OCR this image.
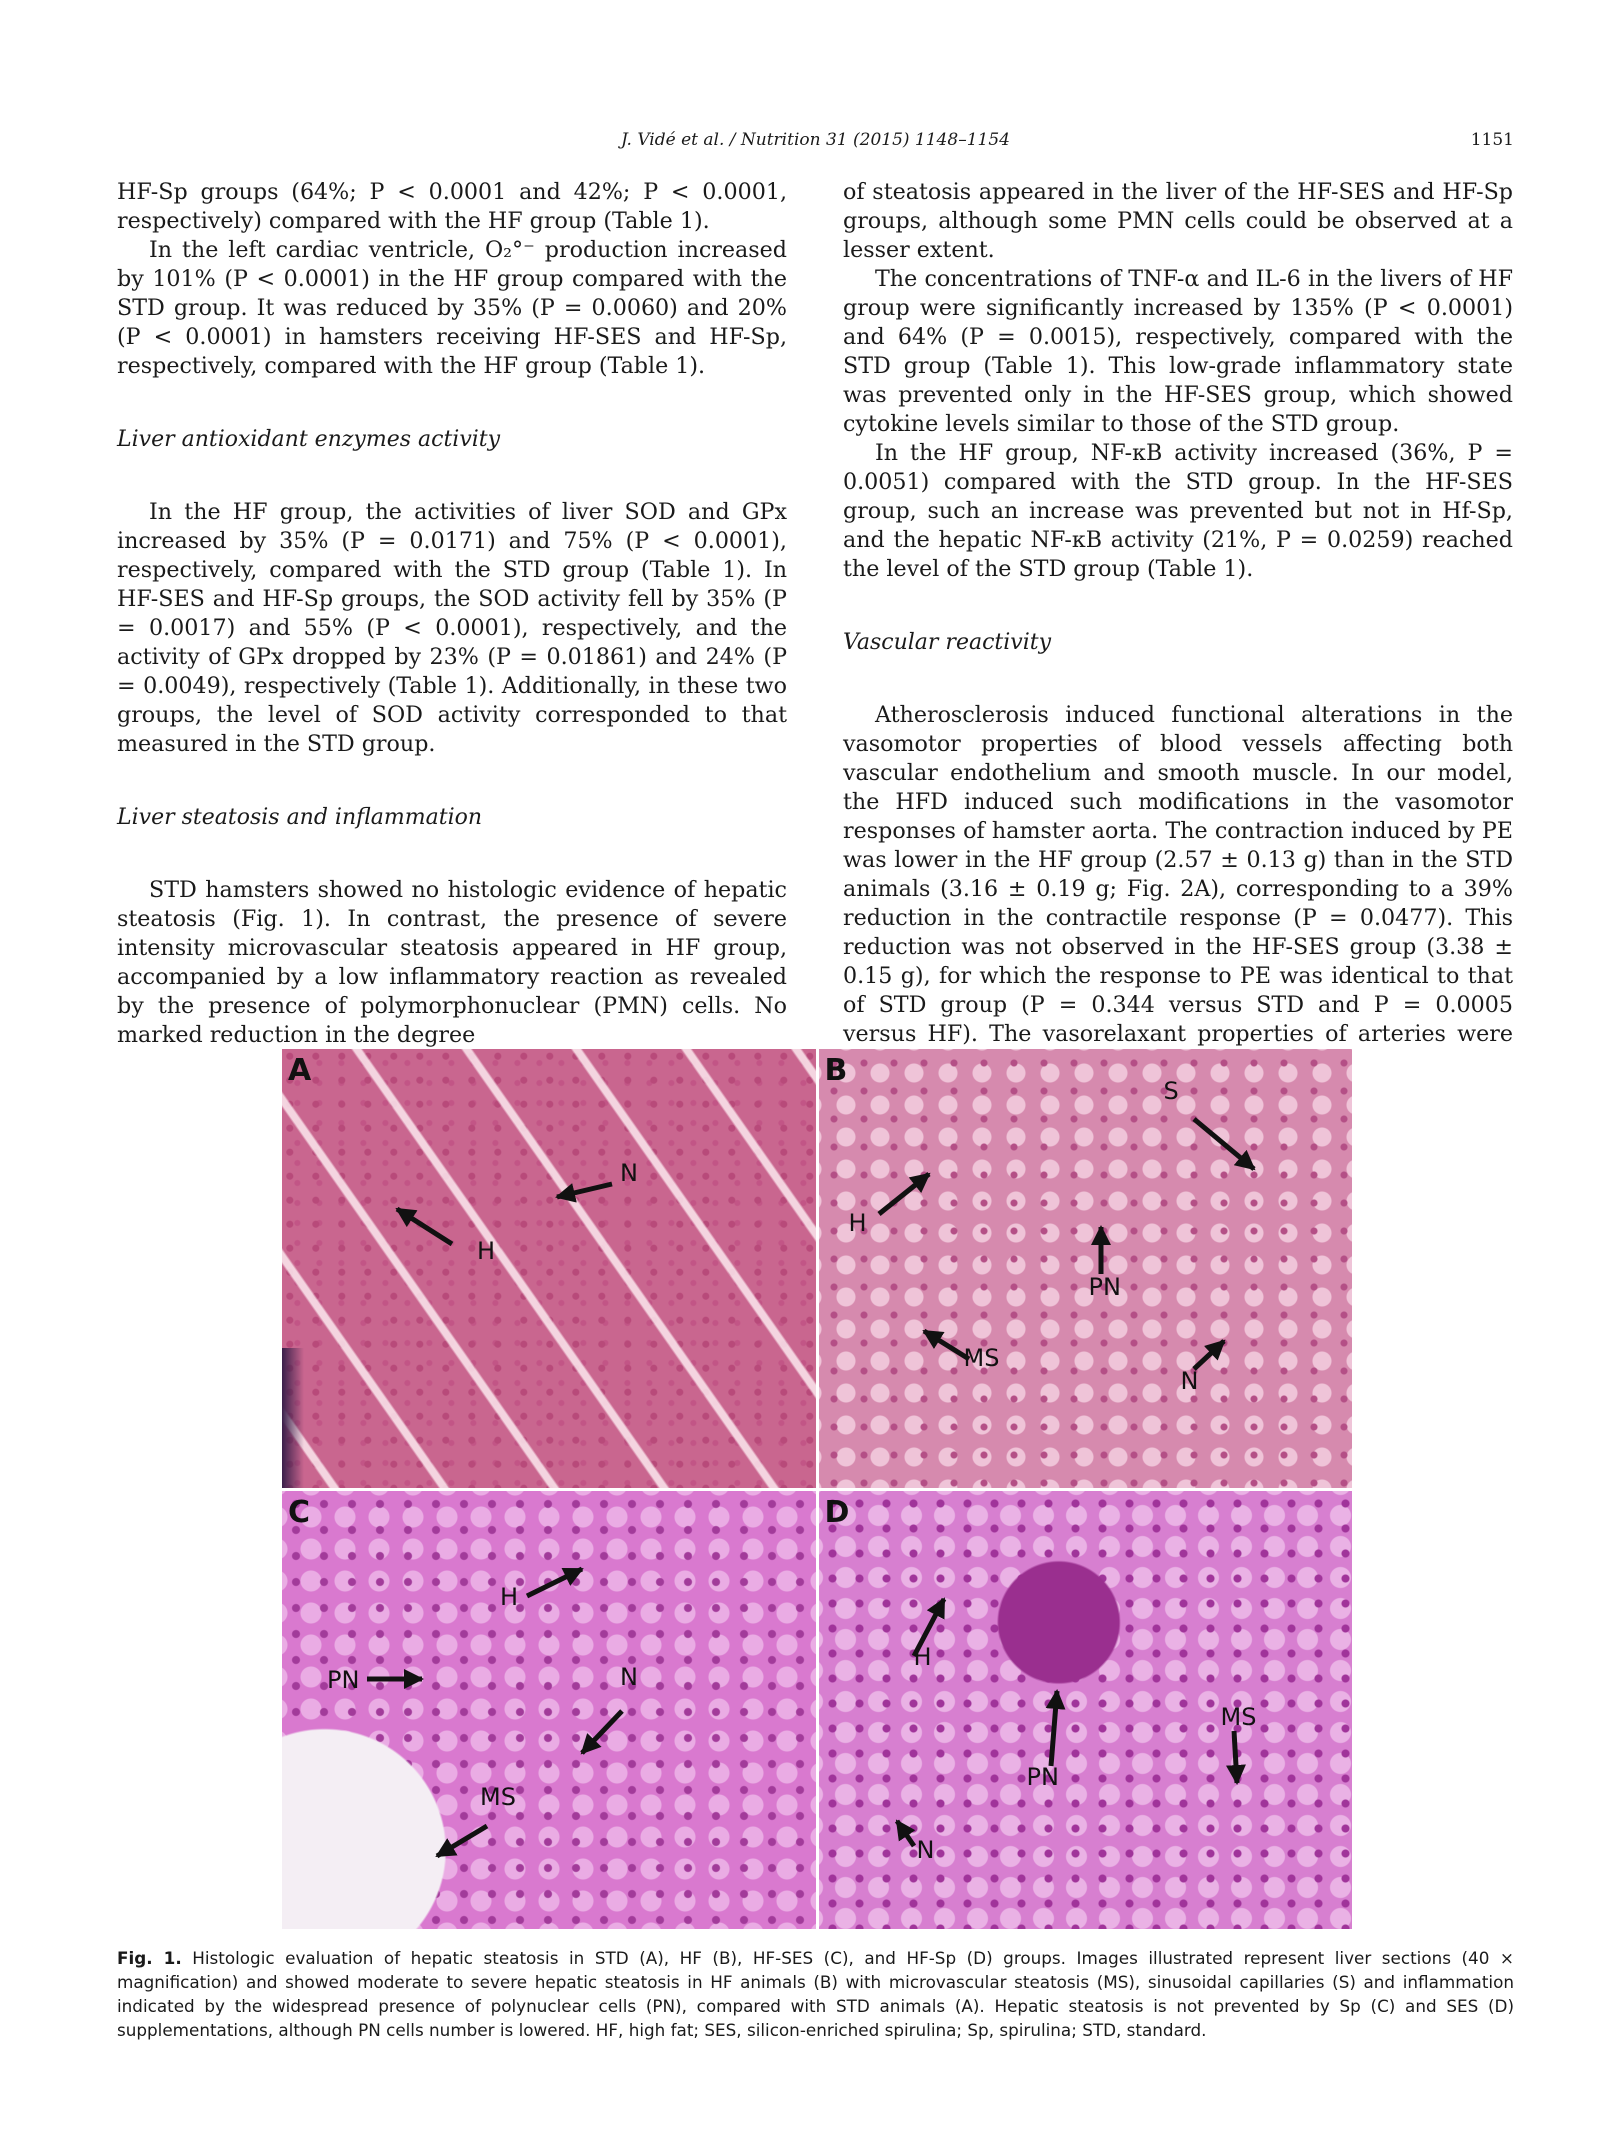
J. Vidé et al. / Nutrition 31 (2015) 1148–1154	1151

HF-Sp groups (64%; P < 0.0001 and 42%; P < 0.0001, respectively) compared with the HF group (Table 1).

In the left cardiac ventricle, O₂°⁻ production increased by 101% (P < 0.0001) in the HF group compared with the STD group. It was reduced by 35% (P = 0.0060) and 20% (P < 0.0001) in hamsters receiving HF-SES and HF-Sp, respectively, compared with the HF group (Table 1).

Liver antioxidant enzymes activity

In the HF group, the activities of liver SOD and GPx increased by 35% (P = 0.0171) and 75% (P < 0.0001), respectively, compared with the STD group (Table 1). In HF-SES and HF-Sp groups, the SOD activity fell by 35% (P = 0.0017) and 55% (P < 0.0001), respectively, and the activity of GPx dropped by 23% (P = 0.01861) and 24% (P = 0.0049), respectively (Table 1). Additionally, in these two groups, the level of SOD activity corresponded to that measured in the STD group.

Liver steatosis and inflammation

STD hamsters showed no histologic evidence of hepatic steatosis (Fig. 1). In contrast, the presence of severe intensity microvascular steatosis appeared in HF group, accompanied by a low inflammatory reaction as revealed by the presence of polymorphonuclear (PMN) cells. No marked reduction in the degree

of steatosis appeared in the liver of the HF-SES and HF-Sp groups, although some PMN cells could be observed at a lesser extent.

The concentrations of TNF-α and IL-6 in the livers of HF group were significantly increased by 135% (P < 0.0001) and 64% (P = 0.0015), respectively, compared with the STD group (Table 1). This low-grade inflammatory state was prevented only in the HF-SES group, which showed cytokine levels similar to those of the STD group.

In the HF group, NF-κB activity increased (36%, P = 0.0051) compared with the STD group. In the HF-SES group, such an increase was prevented but not in Hf-Sp, and the hepatic NF-κB activity (21%, P = 0.0259) reached the level of the STD group (Table 1).

Vascular reactivity

Atherosclerosis induced functional alterations in the vasomotor properties of blood vessels affecting both vascular endothelium and smooth muscle. In our model, the HFD induced such modifications in the vasomotor responses of hamster aorta. The contraction induced by PE was lower in the HF group (2.57 ± 0.13 g) than in the STD animals (3.16 ± 0.19 g; Fig. 2A), corresponding to a 39% reduction in the contractile response (P = 0.0477). This reduction was not observed in the HF-SES group (3.38 ± 0.15 g), for which the response to PE was identical to that of STD group (P = 0.344 versus STD and P = 0.0005 versus HF). The vasorelaxant properties of arteries were

A
H
N
B
H
S
PN
MS
N
C
H
PN	N
MS
D
H
PN
MS
N
Fig. 1. Histologic evaluation of hepatic steatosis in STD (A), HF (B), HF-SES (C), and HF-Sp (D) groups. Images illustrated represent liver sections (40 × magnification) and showed moderate to severe hepatic steatosis in HF animals (B) with microvascular steatosis (MS), sinusoidal capillaries (S) and inflammation indicated by the widespread presence of polynuclear cells (PN), compared with STD animals (A). Hepatic steatosis is not prevented by Sp (C) and SES (D) supplementations, although PN cells number is lowered. HF, high fat; SES, silicon-enriched spirulina; Sp, spirulina; STD, standard.
